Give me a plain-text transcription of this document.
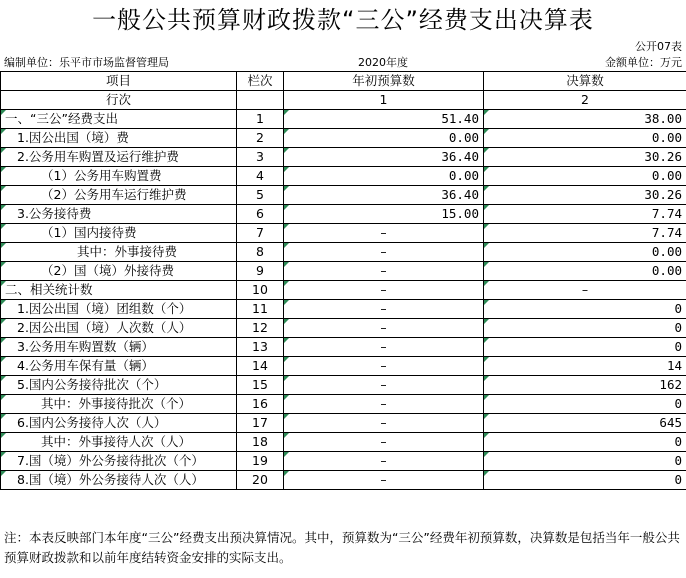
一般公共预算财政拨款“三公”经费支出决算表
公开07表
编制单位：乐平市市场监督管理局	2020年度	金额单位：万元
项目	栏次	年初预算数	决算数
行次		1	2
一、“三公”经费支出	1	51.40	38.00
1.因公出国（境）费	2	0.00	0.00
2.公务用车购置及运行维护费	3	36.40	30.26
（1）公务用车购置费	4	0.00	0.00
（2）公务用车运行维护费	5	36.40	30.26
3.公务接待费	6	15.00	7.74
（1）国内接待费	7	–	7.74
其中：外事接待费	8	–	0.00
（2）国（境）外接待费	9	–	0.00
二、相关统计数	10	–	–
1.因公出国（境）团组数（个）	11	–	0
2.因公出国（境）人次数（人）	12	–	0
3.公务用车购置数（辆）	13	–	0
4.公务用车保有量（辆）	14	–	14
5.国内公务接待批次（个）	15	–	162
其中：外事接待批次（个）	16	–	0
6.国内公务接待人次（人）	17	–	645
其中：外事接待人次（人）	18	–	0
7.国（境）外公务接待批次（个）	19	–	0
8.国（境）外公务接待人次（人）	20	–	0
注：本表反映部门本年度“三公”经费支出预决算情况。其中，预算数为“三公”经费年初预算数，决算数是包括当年一般公共预算财政拨款和以前年度结转资金安排的实际支出。
